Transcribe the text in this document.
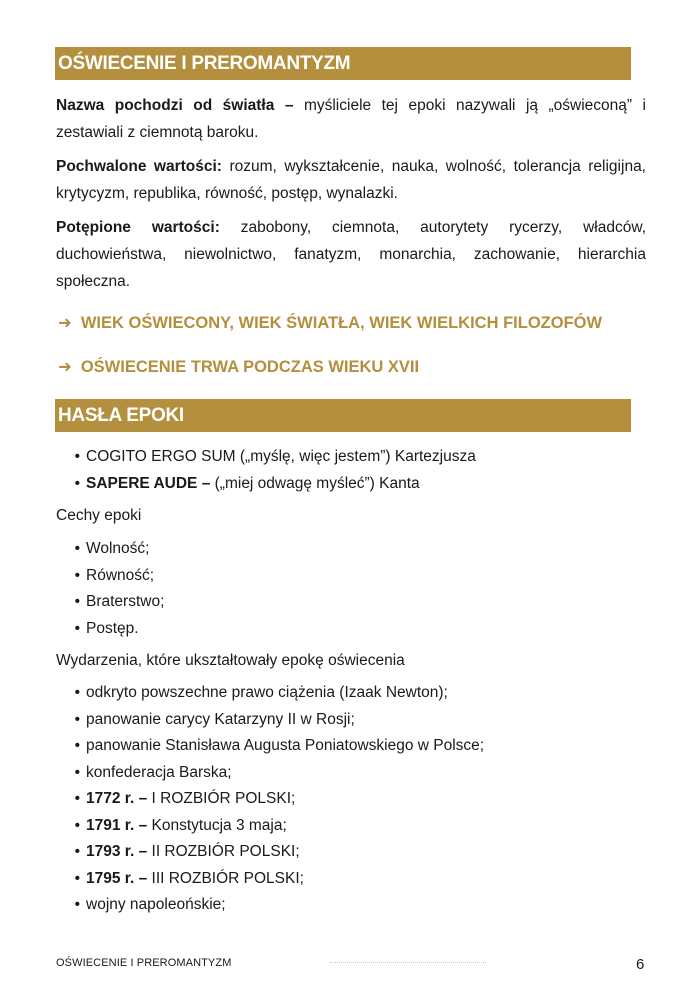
OŚWIECENIE I PREROMANTYZM

Nazwa pochodzi od światła – myśliciele tej epoki nazywali ją „oświeconą” i zestawiali z ciemnotą baroku.

Pochwalone wartości: rozum, wykształcenie, nauka, wolność, tolerancja religijna, krytycyzm, republika, równość, postęp, wynalazki.

Potępione wartości: zabobony, ciemnota, autorytety rycerzy, władców, duchowieństwa, niewolnictwo, fanatyzm, monarchia, zachowanie, hierarchia społeczna.

➜ WIEK OŚWIECONY, WIEK ŚWIATŁA, WIEK WIELKICH FILOZOFÓW
➜ OŚWIECENIE TRWA PODCZAS WIEKU XVII
HASŁA EPOKI
•COGITO ERGO SUM („myślę, więc jestem”) Kartezjusza
•SAPERE AUDE – („miej odwagę myśleć”) Kanta
Cechy epoki
•Wolność;
•Równość;
•Braterstwo;
•Postęp.
Wydarzenia, które ukształtowały epokę oświecenia
•odkryto powszechne prawo ciążenia (Izaak Newton);
•panowanie carycy Katarzyny II w Rosji;
•panowanie Stanisława Augusta Poniatowskiego w Polsce;
•konfederacja Barska;
•1772 r. – I ROZBIÓR POLSKI;
•1791 r. – Konstytucja 3 maja;
•1793 r. – II ROZBIÓR POLSKI;
•1795 r. – III ROZBIÓR POLSKI;
•wojny napoleońskie;
OŚWIECENIE I PREROMANTYZM	6
